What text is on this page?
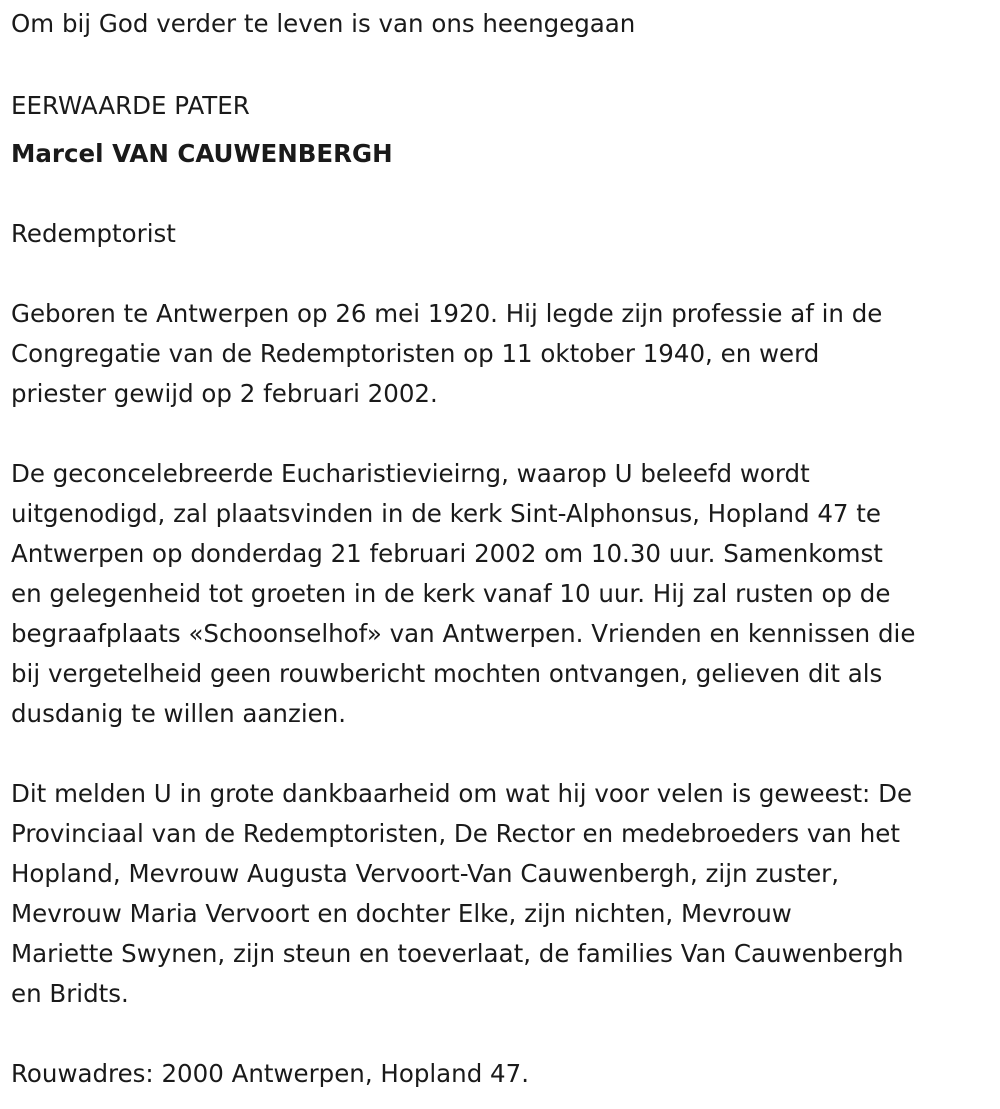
Om bij God verder te leven is van ons heengegaan

EERWAARDE PATER

Marcel VAN CAUWENBERGH

Redemptorist

Geboren te Antwerpen op 26 mei 1920. Hij legde zijn professie af in de

Congregatie van de Redemptoristen op 11 oktober 1940, en werd

priester gewijd op 2 februari 2002.

De geconcelebreerde Eucharistievieirng, waarop U beleefd wordt

uitgenodigd, zal plaatsvinden in de kerk Sint-Alphonsus, Hopland 47 te

Antwerpen op donderdag 21 februari 2002 om 10.30 uur. Samenkomst

en gelegenheid tot groeten in de kerk vanaf 10 uur. Hij zal rusten op de

begraafplaats «Schoonselhof» van Antwerpen. Vrienden en kennissen die

bij vergetelheid geen rouwbericht mochten ontvangen, gelieven dit als

dusdanig te willen aanzien.

Dit melden U in grote dankbaarheid om wat hij voor velen is geweest: De

Provinciaal van de Redemptoristen, De Rector en medebroeders van het

Hopland, Mevrouw Augusta Vervoort-Van Cauwenbergh, zijn zuster,

Mevrouw Maria Vervoort en dochter Elke, zijn nichten, Mevrouw

Mariette Swynen, zijn steun en toeverlaat, de families Van Cauwenbergh

en Bridts.

Rouwadres: 2000 Antwerpen, Hopland 47.
